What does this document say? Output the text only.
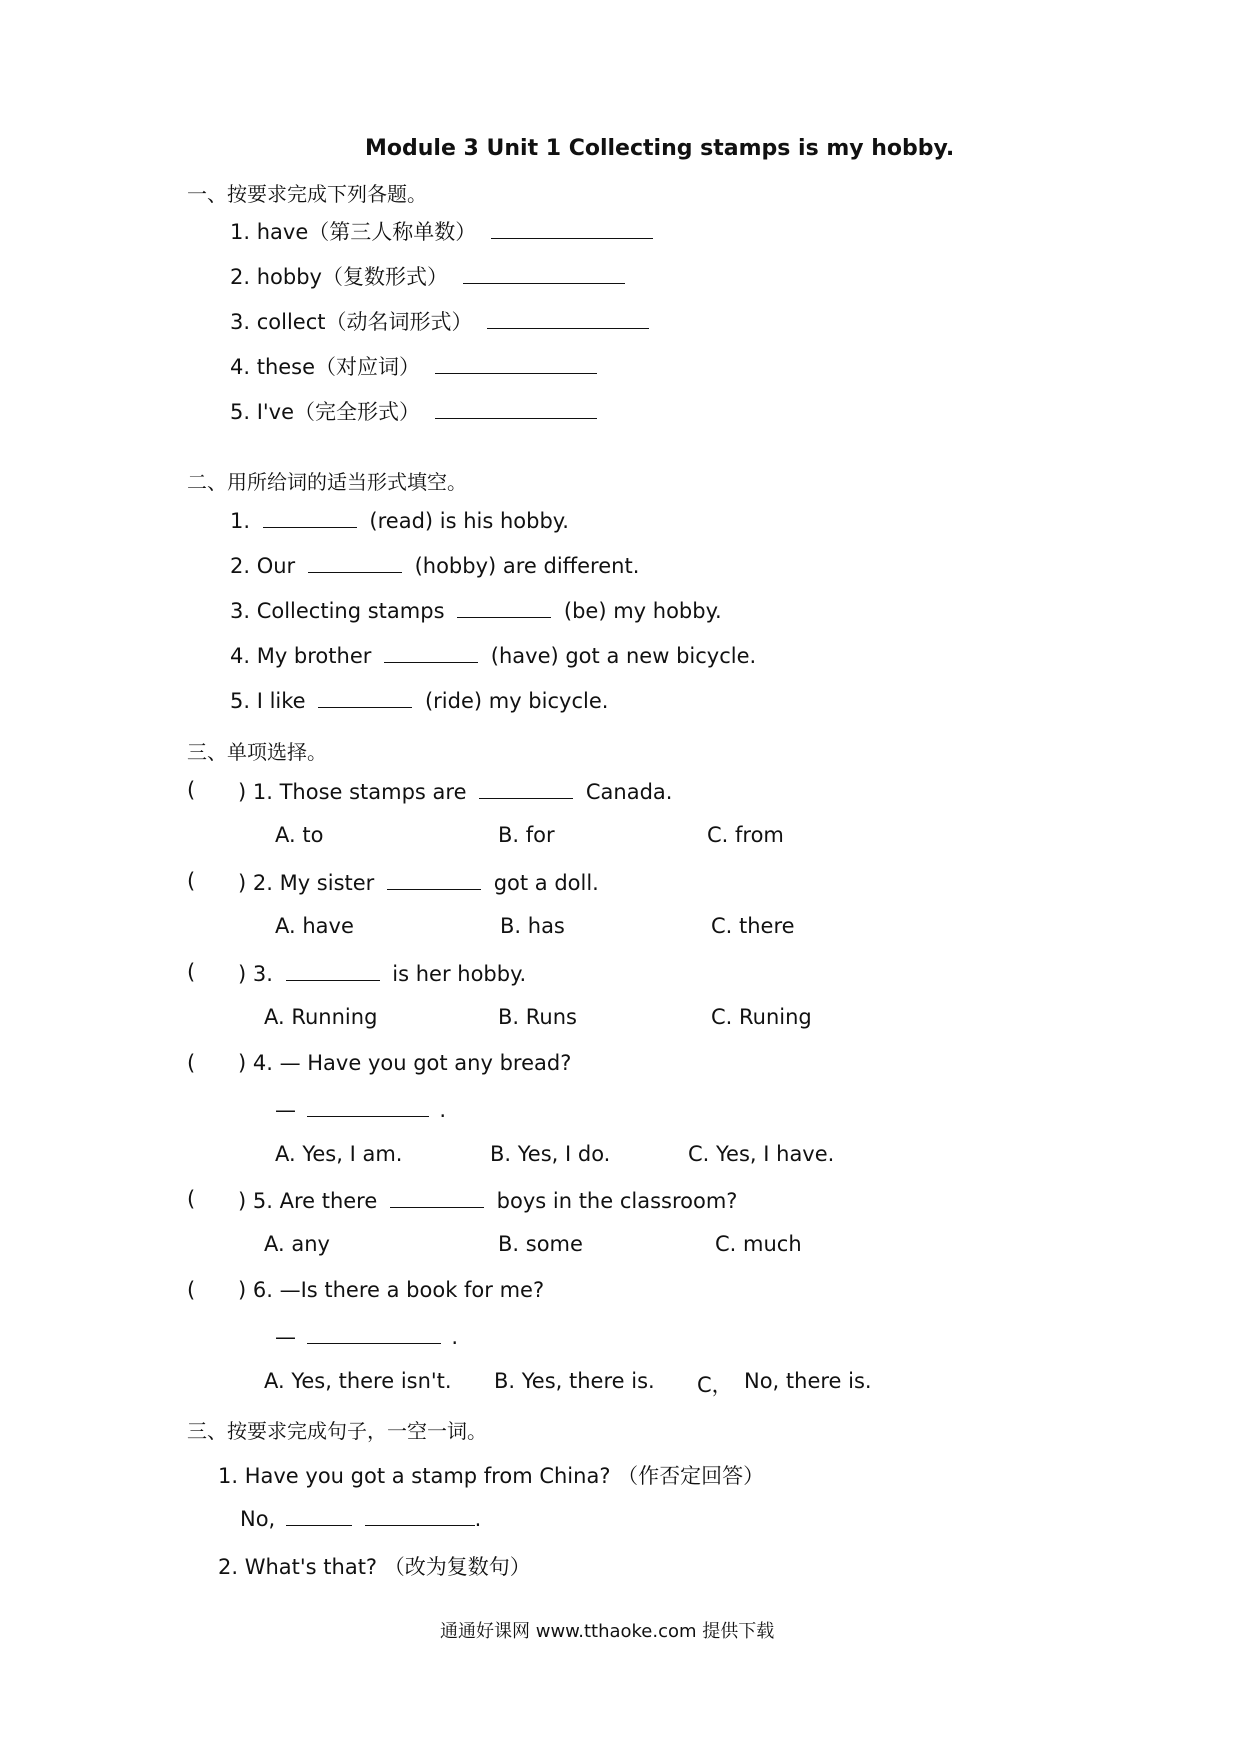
Module 3 Unit 1 Collecting stamps is my hobby.
一、按要求完成下列各题。
1. have（第三人称单数）
2. hobby（复数形式）
3. collect（动名词形式）
4. these（对应词）
5. I've（完全形式）
二、用所给词的适当形式填空。
1.	(read) is his hobby.
2. Our	(hobby) are different.
3. Collecting stamps	(be) my hobby.
4. My brother	(have) got a new bicycle.
5. I like	(ride) my bicycle.
三、单项选择。
( ) 1. Those stamps are	Canada.
A. to	B. for	C. from
( ) 2. My sister	got a doll.
A. have	B. has	C. there
( ) 3.	is her hobby.
A. Running	B. Runs	C. Runing
( ) 4. — Have you got any bread?
—	.
A. Yes, I am.	B. Yes, I do.	C. Yes, I have.
( ) 5. Are there	boys in the classroom?
A. any	B. some	C. much
( ) 6. —Is there a book for me?
—	.
A. Yes, there isn't. B. Yes, there is. C， No, there is.
三、按要求完成句子，一空一词。
1. Have you got a stamp from China? （作否定回答）
No,	.
2. What's that? （改为复数句）
通通好课网 www.tthaoke.com 提供下载
